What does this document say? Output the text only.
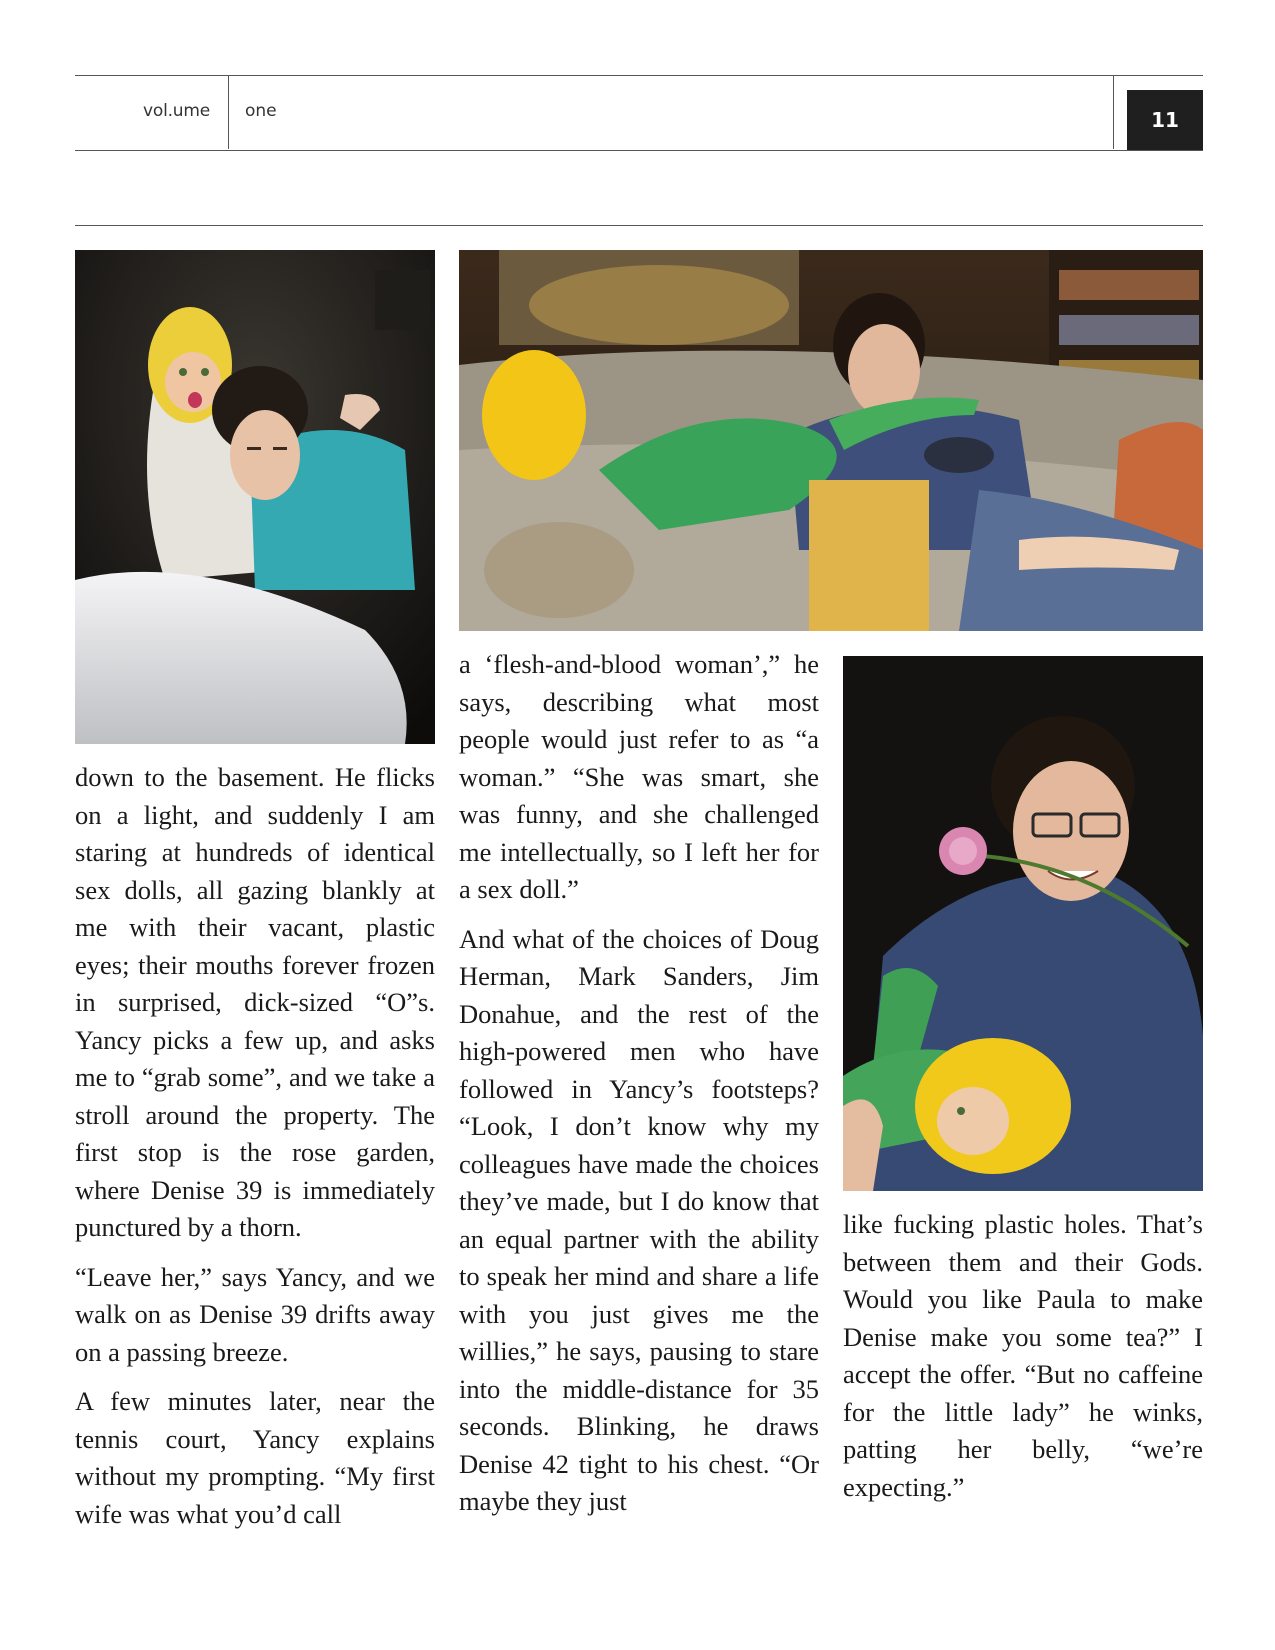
vol.ume one	11

down to the basement. He flicks on a light, and suddenly I am staring at hundreds of identical sex dolls, all gazing blankly at me with their vacant, plastic eyes; their mouths forever frozen in surprised, dick-sized “O”s. Yancy picks a few up, and asks me to “grab some”, and we take a stroll around the property. The first stop is the rose garden, where Denise 39 is immediately punctured by a thorn.

“Leave her,” says Yancy, and we walk on as Denise 39 drifts away on a passing breeze.

A few minutes later, near the tennis court, Yancy explains without my prompting. “My first wife was what you’d call

a ‘flesh-and-blood woman’,” he says, describing what most people would just refer to as “a woman.” “She was smart, she was funny, and she challenged me intellectually, so I left her for a sex doll.”

And what of the choices of Doug Herman, Mark Sanders, Jim Donahue, and the rest of the high-powered men who have followed in Yancy’s footsteps? “Look, I don’t know why my colleagues have made the choices they’ve made, but I do know that an equal partner with the ability to speak her mind and share a life with you just gives me the willies,” he says, pausing to stare into the middle-distance for 35 seconds. Blinking, he draws Denise 42 tight to his chest. “Or maybe they just

like fucking plastic holes. That’s between them and their Gods. Would you like Paula to make Denise make you some tea?” I accept the offer. “But no caffeine for the little lady” he winks, patting her belly, “we’re expecting.”
